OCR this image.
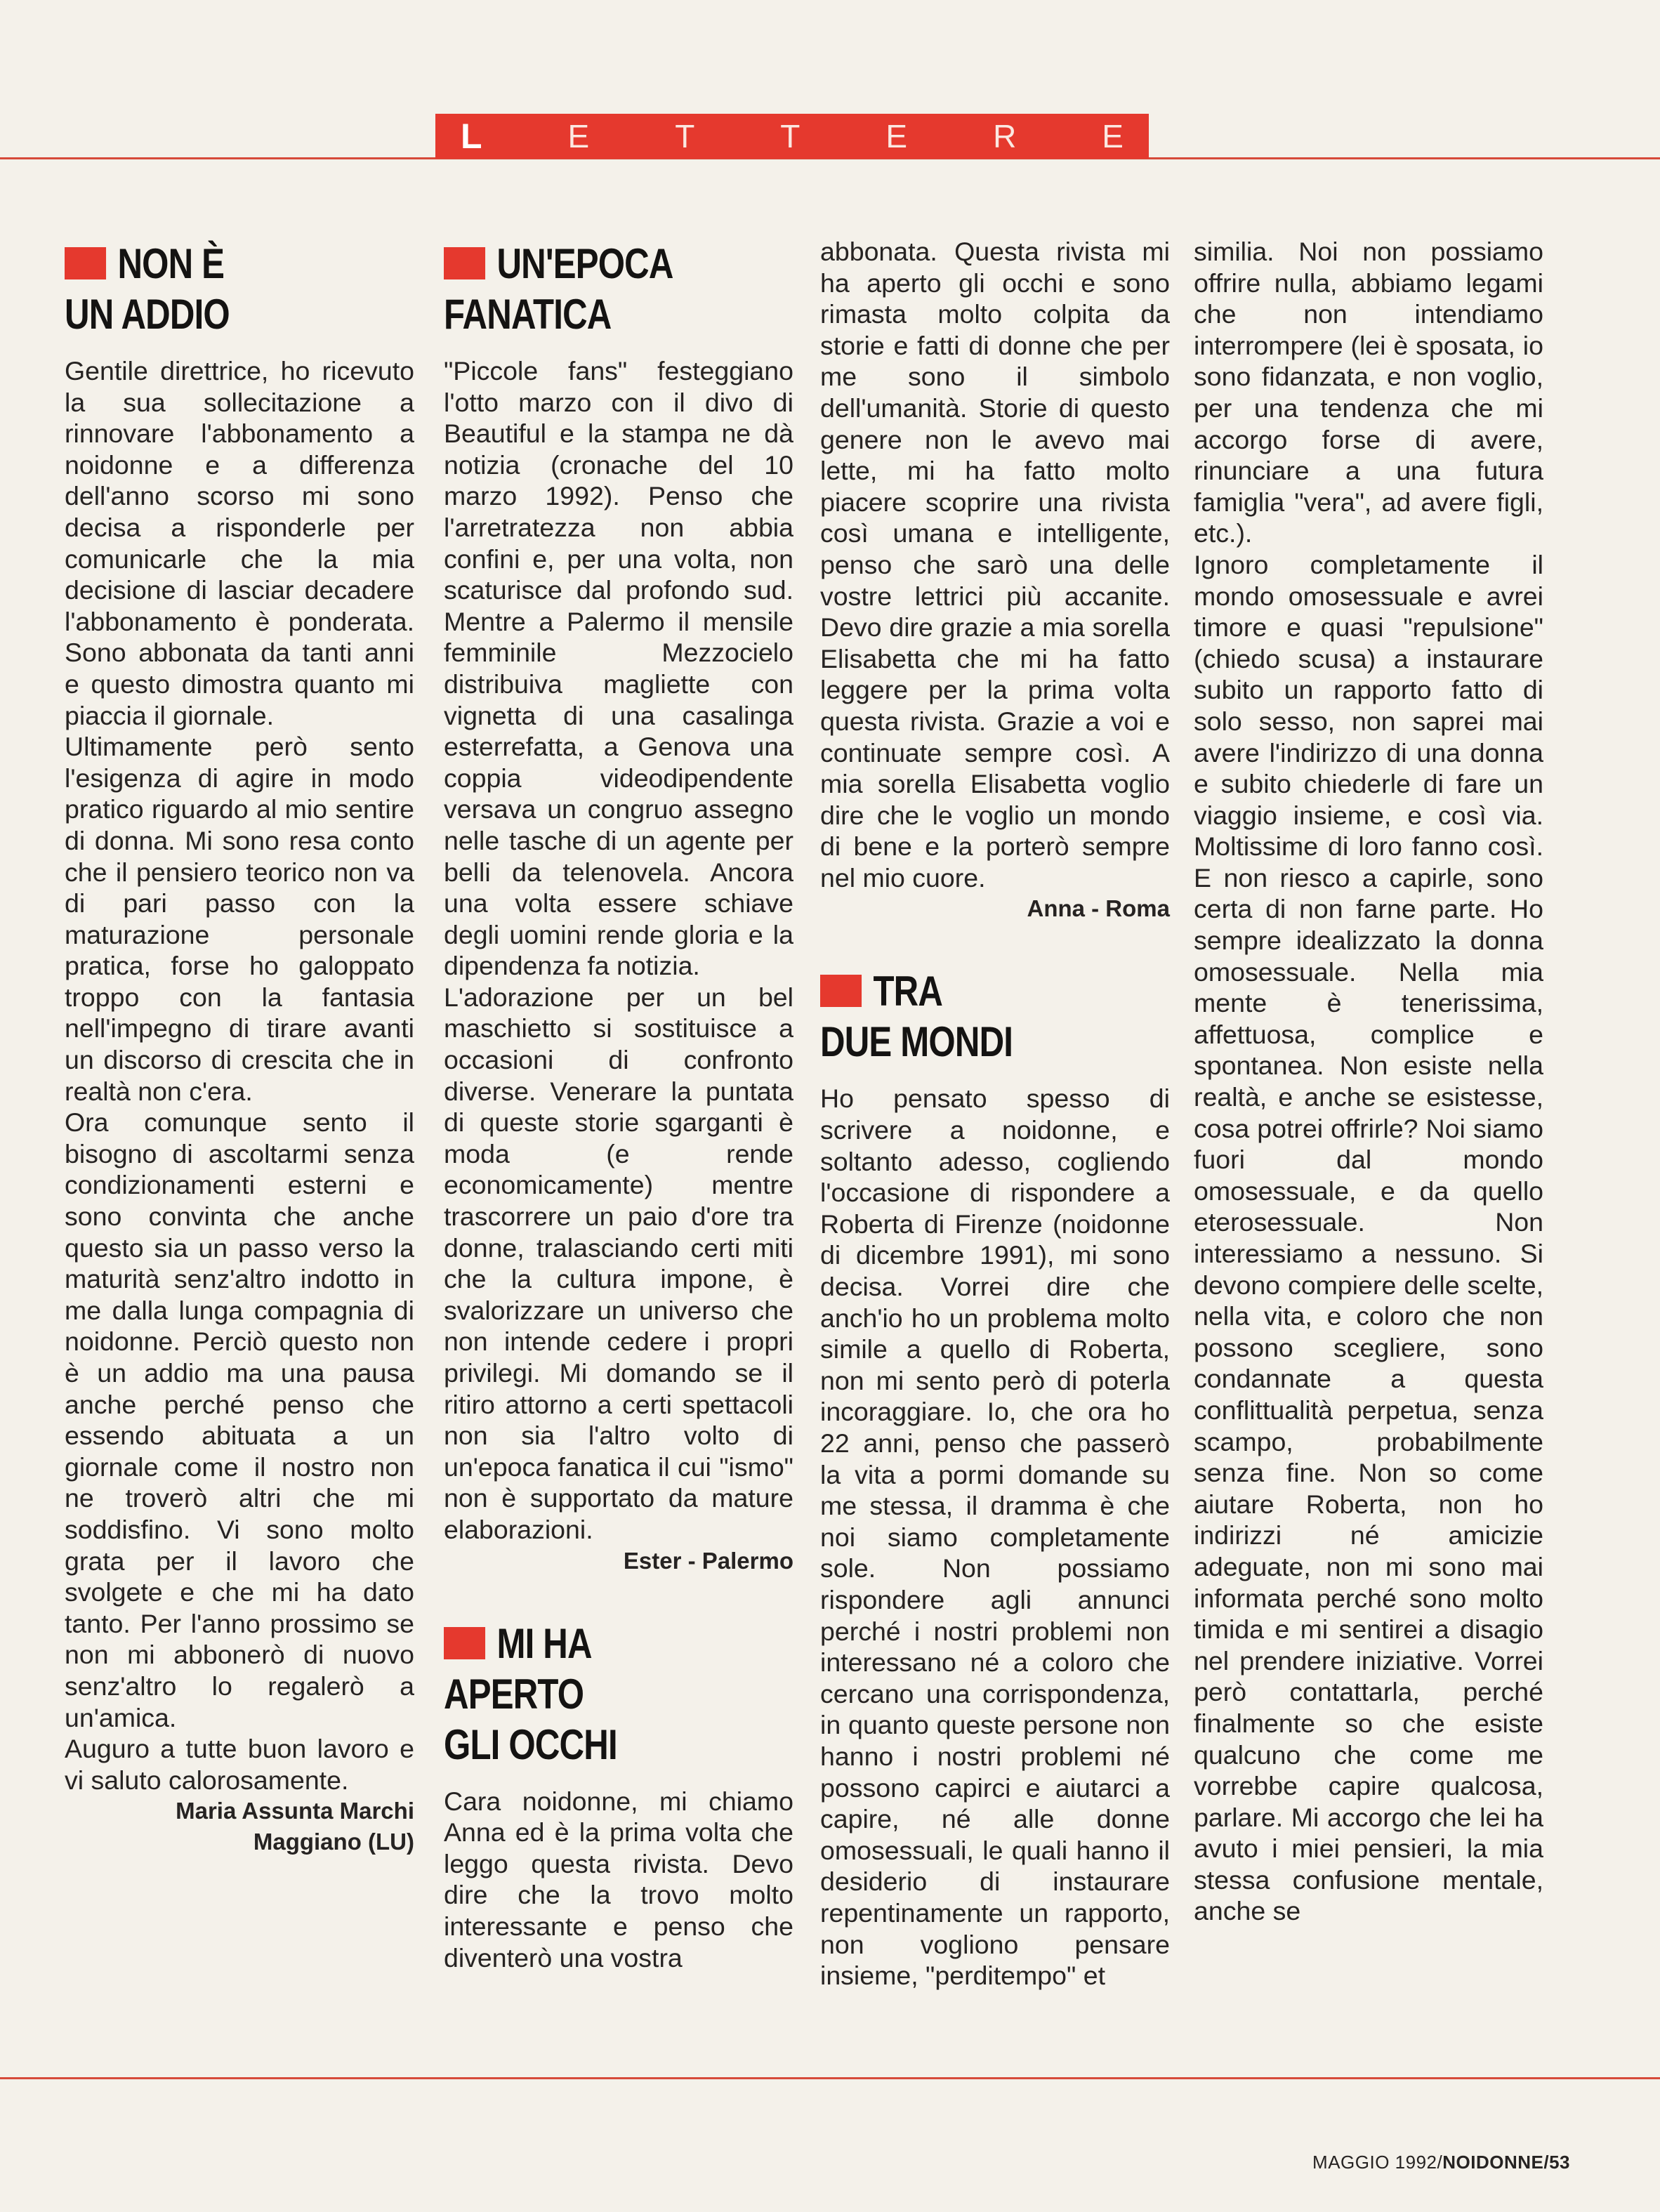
L	E	T	T	E	R	E
NON È
UN ADDIO

Gentile direttrice, ho ricevuto la sua sollecitazione a rinnovare l'abbonamento a noidonne e a differenza dell'anno scorso mi sono decisa a risponderle per comunicarle che la mia decisione di lasciar decadere l'abbonamento è ponderata. Sono abbonata da tanti anni e questo dimostra quanto mi piaccia il giornale.

Ultimamente però sento l'esigenza di agire in modo pratico riguardo al mio sentire di donna. Mi sono resa conto che il pensiero teorico non va di pari passo con la maturazione personale pratica, forse ho galoppato troppo con la fantasia nell'impegno di tirare avanti un discorso di crescita che in realtà non c'era.

Ora comunque sento il bisogno di ascoltarmi senza condizionamenti esterni e sono convinta che anche questo sia un passo verso la maturità senz'altro indotto in me dalla lunga compagnia di noidonne. Perciò questo non è un addio ma una pausa anche perché penso che essendo abituata a un giornale come il nostro non ne troverò altri che mi soddisfino. Vi sono molto grata per il lavoro che svolgete e che mi ha dato tanto. Per l'anno prossimo se non mi abbonerò di nuovo senz'altro lo regalerò a un'amica.

Auguro a tutte buon lavoro e vi saluto calorosamente.

Maria Assunta Marchi

Maggiano (LU)

UN'EPOCA
FANATICA

"Piccole fans" festeggiano l'otto marzo con il divo di Beautiful e la stampa ne dà notizia (cronache del 10 marzo 1992). Penso che l'arretratezza non abbia confini e, per una volta, non scaturisce dal profondo sud. Mentre a Palermo il mensile femminile Mezzocielo distribuiva magliette con vignetta di una casalinga esterrefatta, a Genova una coppia videodipendente versava un congruo assegno nelle tasche di un agente per belli da telenovela. Ancora una volta essere schiave degli uomini rende gloria e la dipendenza fa notizia.

L'adorazione per un bel maschietto si sostituisce a occasioni di confronto diverse. Venerare la puntata di queste storie sgarganti è moda (e rende economicamente) mentre trascorrere un paio d'ore tra donne, tralasciando certi miti che la cultura impone, è svalorizzare un universo che non intende cedere i propri privilegi. Mi domando se il ritiro attorno a certi spettacoli non sia l'altro volto di un'epoca fanatica il cui "ismo" non è supportato da mature elaborazioni.

Ester - Palermo

MI HA
APERTO
GLI OCCHI

Cara noidonne, mi chiamo Anna ed è la prima volta che leggo questa rivista. Devo dire che la trovo molto interessante e penso che diventerò una vostra

abbonata. Questa rivista mi ha aperto gli occhi e sono rimasta molto colpita da storie e fatti di donne che per me sono il simbolo dell'umanità. Storie di questo genere non le avevo mai lette, mi ha fatto molto piacere scoprire una rivista così umana e intelligente, penso che sarò una delle vostre lettrici più accanite. Devo dire grazie a mia sorella Elisabetta che mi ha fatto leggere per la prima volta questa rivista. Grazie a voi e continuate sempre così. A mia sorella Elisabetta voglio dire che le voglio un mondo di bene e la porterò sempre nel mio cuore.

Anna - Roma

TRA
DUE MONDI

Ho pensato spesso di scrivere a noidonne, e soltanto adesso, cogliendo l'occasione di rispondere a Roberta di Firenze (noidonne di dicembre 1991), mi sono decisa. Vorrei dire che anch'io ho un problema molto simile a quello di Roberta, non mi sento però di poterla incoraggiare. Io, che ora ho 22 anni, penso che passerò la vita a pormi domande su me stessa, il dramma è che noi siamo completamente sole. Non possiamo rispondere agli annunci perché i nostri problemi non interessano né a coloro che cercano una corrispondenza, in quanto queste persone non hanno i nostri problemi né possono capirci e aiutarci a capire, né alle donne omosessuali, le quali hanno il desiderio di instaurare repentinamente un rapporto, non vogliono pensare insieme, "perditempo" et

similia. Noi non possiamo offrire nulla, abbiamo legami che non intendiamo interrompere (lei è sposata, io sono fidanzata, e non voglio, per una tendenza che mi accorgo forse di avere, rinunciare a una futura famiglia "vera", ad avere figli, etc.).

Ignoro completamente il mondo omosessuale e avrei timore e quasi "repulsione" (chiedo scusa) a instaurare subito un rapporto fatto di solo sesso, non saprei mai avere l'indirizzo di una donna e subito chiederle di fare un viaggio insieme, e così via. Moltissime di loro fanno così. E non riesco a capirle, sono certa di non farne parte. Ho sempre idealizzato la donna omosessuale. Nella mia mente è tenerissima, affettuosa, complice e spontanea. Non esiste nella realtà, e anche se esistesse, cosa potrei offrirle? Noi siamo fuori dal mondo omosessuale, e da quello eterosessuale. Non interessiamo a nessuno. Si devono compiere delle scelte, nella vita, e coloro che non possono scegliere, sono condannate a questa conflittualità perpetua, senza scampo, probabilmente senza fine. Non so come aiutare Roberta, non ho indirizzi né amicizie adeguate, non mi sono mai informata perché sono molto timida e mi sentirei a disagio nel prendere iniziative. Vorrei però contattarla, perché finalmente so che esiste qualcuno che come me vorrebbe capire qualcosa, parlare. Mi accorgo che lei ha avuto i miei pensieri, la mia stessa confusione mentale, anche se

MAGGIO 1992/NOIDONNE/53
